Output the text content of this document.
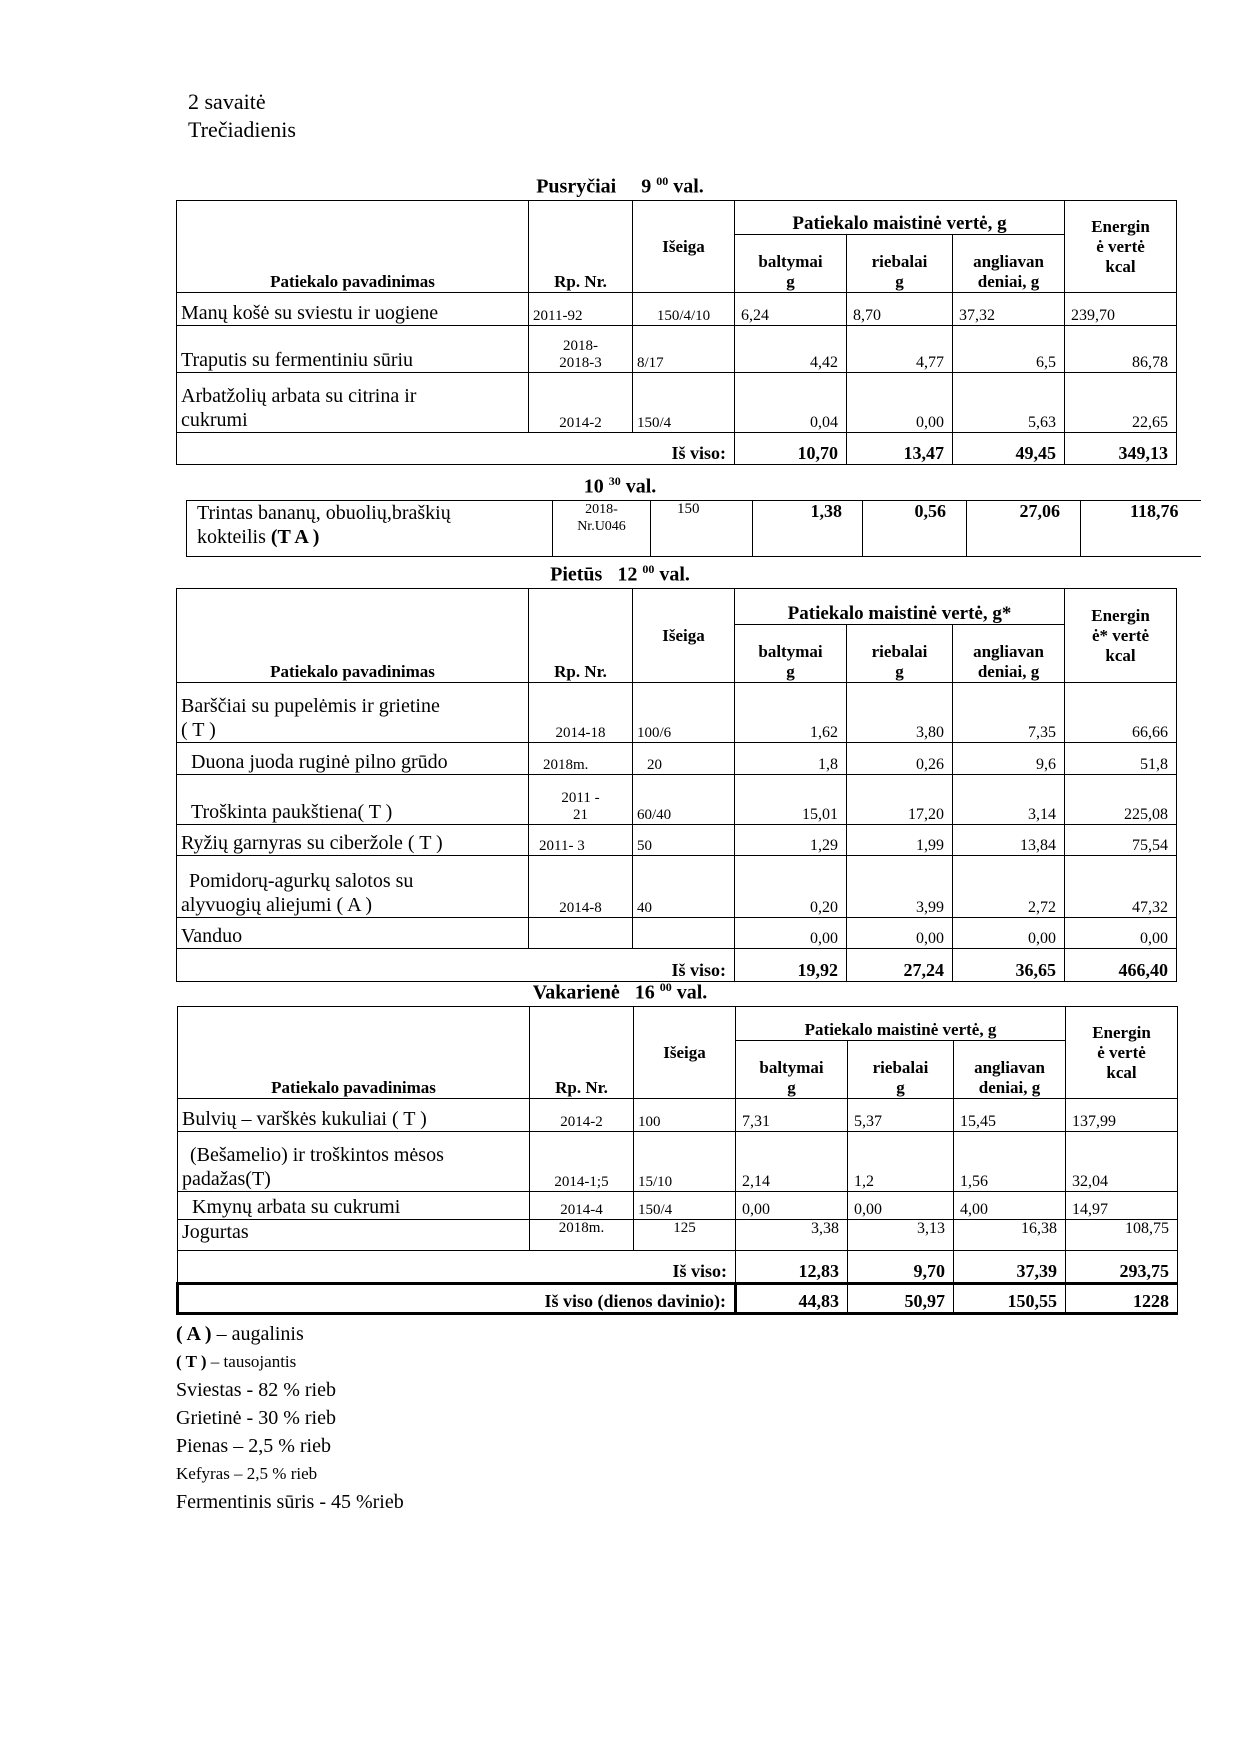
2 savaitė
Trečiadienis
Pusryčiai 9 $^{00}$ val.
Patiekalo pavadinimas	Rp. Nr.	Išeiga	Patiekalo maistinė vertė, g			Energin
ė vertė
kcal
			baltymai
g	riebalai
g	angliavan
deniai, g	
Manų košė su sviestu ir uogiene	2011-92	150/4/10	6,24	8,70	37,32	239,70
Traputis su fermentiniu sūriu	2018-
2018-3	8/17	4,42	4,77	6,5	86,78
Arbatžolių arbata su citrina ir
cukrumi	2014-2	150/4	0,04	0,00	5,63	22,65
Iš viso:			10,70	13,47	49,45	349,13
10 $^{30}$ val.
Trintas bananų, obuolių,braškių
kokteilis (T A )	2018-
Nr.U046	150	1,38	0,56	27,06	118,76
Pietūs 12 $^{00}$ val.
Patiekalo pavadinimas	Rp. Nr.	Išeiga	Patiekalo maistinė vertė, g*			Energin
ė* vertė
kcal
			baltymai
g	riebalai
g	angliavan
deniai, g	
Barščiai su pupelėmis ir grietine
( T )	2014-18	100/6	1,62	3,80	7,35	66,66
Duona juoda ruginė pilno grūdo	2018m.	20	1,8	0,26	9,6	51,8
Troškinta paukštiena( T )	2011 -
21	60/40	15,01	17,20	3,14	225,08
Ryžių garnyras su ciberžole ( T )	2011- 3	50	1,29	1,99	13,84	75,54
Pomidorų-agurkų salotos su
alyvuogių aliejumi ( A )	2014-8	40	0,20	3,99	2,72	47,32
Vanduo			0,00	0,00	0,00	0,00
Iš viso:			19,92	27,24	36,65	466,40
Vakarienė 16 $^{00}$ val.
Patiekalo pavadinimas	Rp. Nr.	Išeiga	Patiekalo maistinė vertė, g			Energin
ė vertė
kcal
			baltymai
g	riebalai
g	angliavan
deniai, g	
Bulvių – varškės kukuliai ( T )	2014-2	100	7,31	5,37	15,45	137,99
(Bešamelio) ir troškintos mėsos
padažas(T)	2014-1;5	15/10	2,14	1,2	1,56	32,04
Kmynų arbata su cukrumi	2014-4	150/4	0,00	0,00	4,00	14,97
Jogurtas	2018m.	125	3,38	3,13	16,38	108,75
Iš viso:			12,83	9,70	37,39	293,75
Iš viso (dienos davinio):			44,83	50,97	150,55	1228
( A ) – augalinis
( T ) – tausojantis
Sviestas - 82 % rieb
Grietinė - 30 % rieb
Pienas – 2,5 % rieb
Kefyras – 2,5 % rieb
Fermentinis sūris - 45 %rieb
